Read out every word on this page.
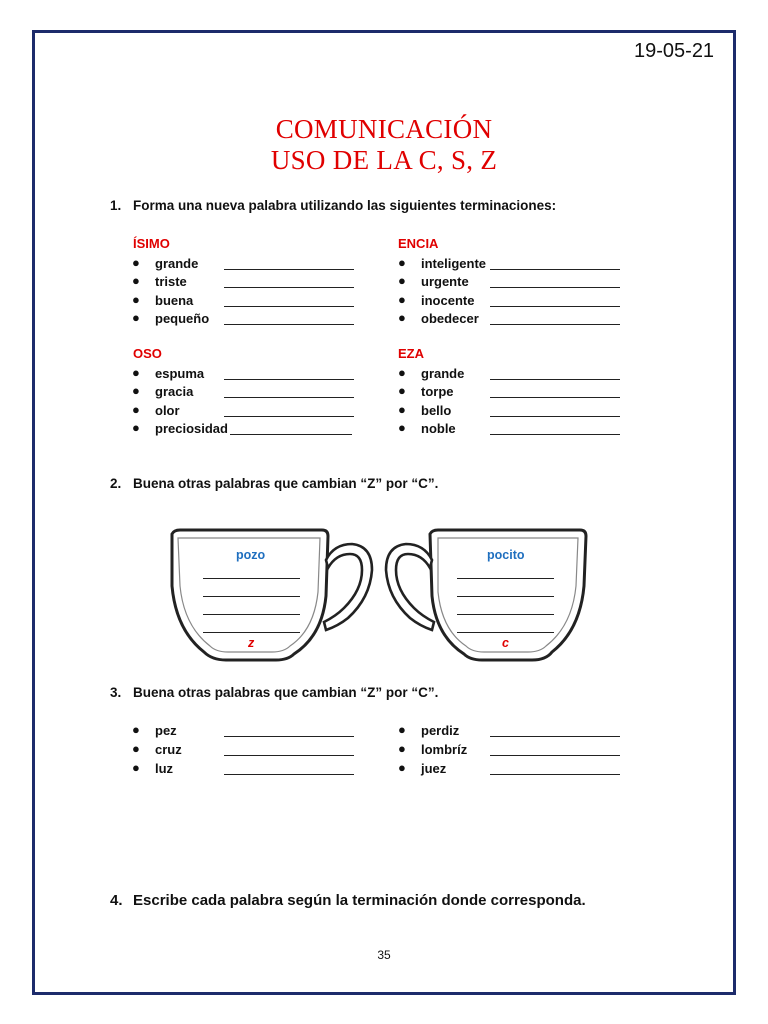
19-05-21
COMUNICACIÓN
USO DE LA C, S, Z
1. Forma una nueva palabra utilizando las siguientes terminaciones:
ÍSIMO
● grande
● triste
● buena
● pequeño
ENCIA
● inteligente
● urgente
● inocente
● obedecer
OSO
● espuma
● gracia
● olor
● preciosidad
EZA
● grande
● torpe
● bello
● noble
2. Buena otras palabras que cambian “Z” por “C”.
pozo
z
pocito
c
3. Buena otras palabras que cambian “Z” por “C”.
● pez
● cruz
● luz
● perdiz
● lombríz
● juez
4. Escribe cada palabra según la terminación donde corresponda.
35
